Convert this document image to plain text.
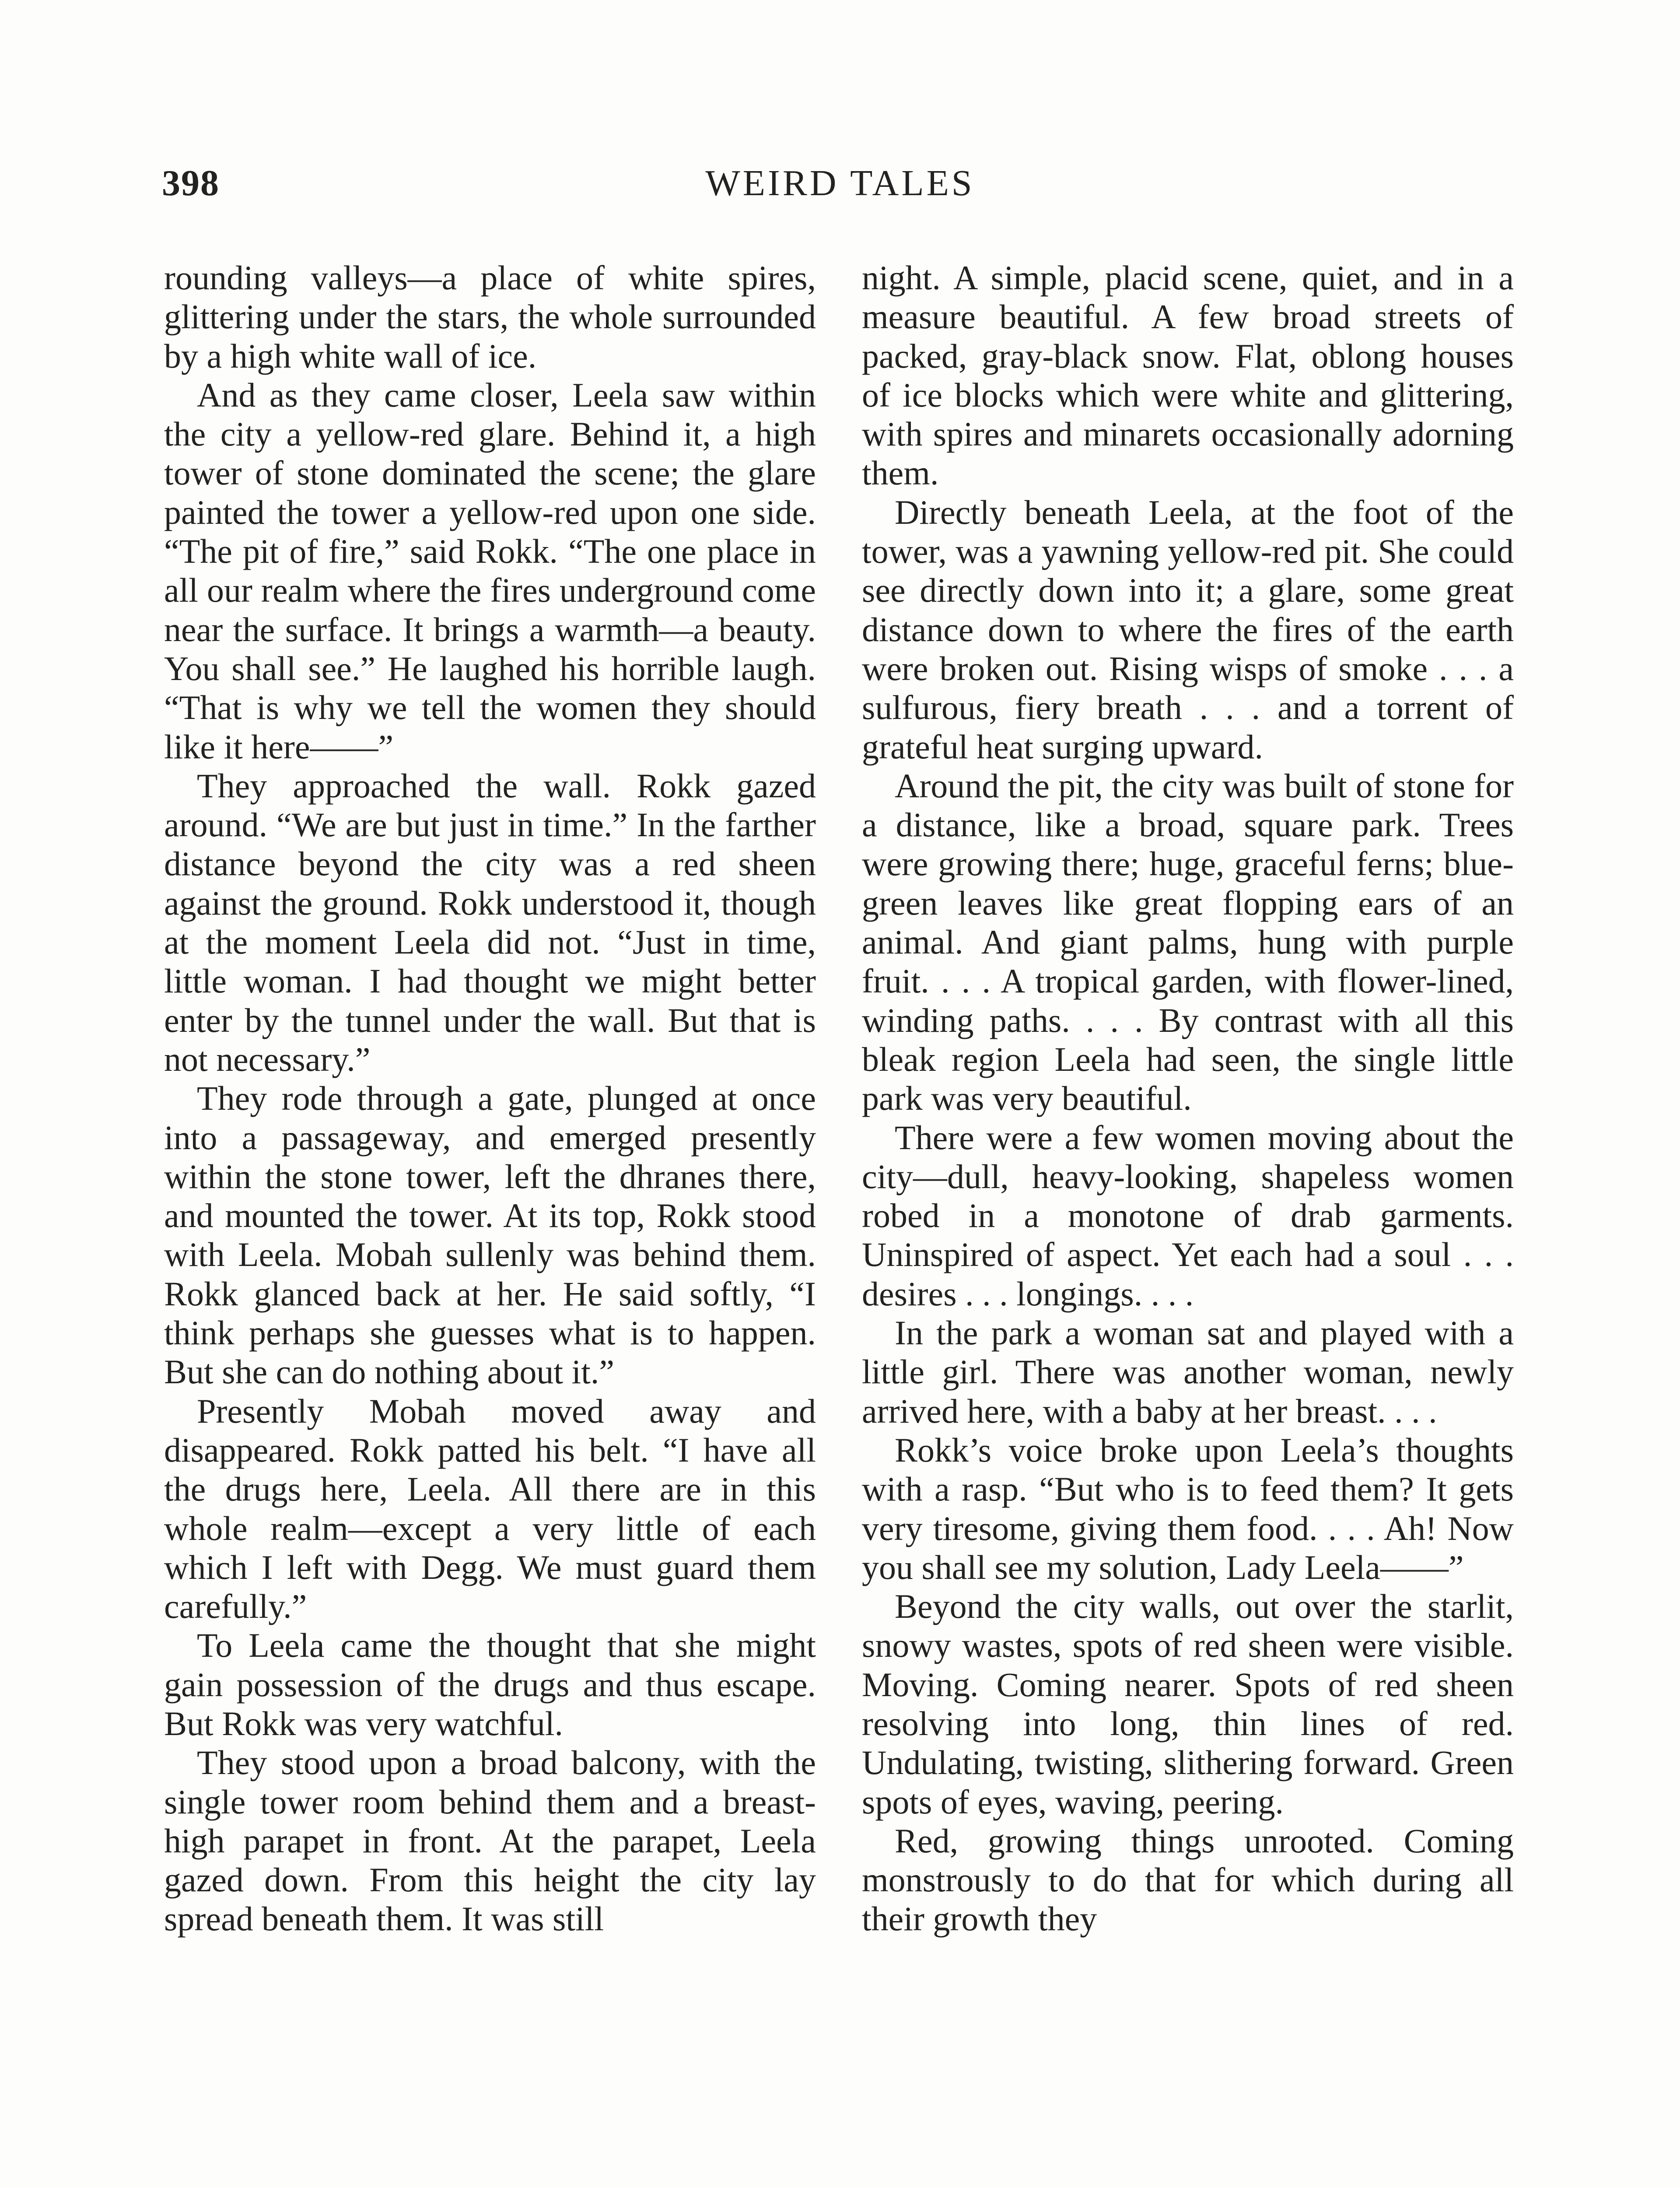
398	WEIRD TALES

rounding valleys—a place of white spires, glittering under the stars, the whole surrounded by a high white wall of ice.

And as they came closer, Leela saw within the city a yellow-red glare. Behind it, a high tower of stone dominated the scene; the glare painted the tower a yellow-red upon one side. “The pit of fire,” said Rokk. “The one place in all our realm where the fires underground come near the surface. It brings a warmth—a beauty. You shall see.” He laughed his horrible laugh. “That is why we tell the women they should like it here——”

They approached the wall. Rokk gazed around. “We are but just in time.” In the farther distance beyond the city was a red sheen against the ground. Rokk understood it, though at the moment Leela did not. “Just in time, little woman. I had thought we might better enter by the tunnel under the wall. But that is not necessary.”

They rode through a gate, plunged at once into a passageway, and emerged presently within the stone tower, left the dhranes there, and mounted the tower. At its top, Rokk stood with Leela. Mobah sullenly was behind them. Rokk glanced back at her. He said softly, “I think perhaps she guesses what is to happen. But she can do nothing about it.”

Presently Mobah moved away and disappeared. Rokk patted his belt. “I have all the drugs here, Leela. All there are in this whole realm—except a very little of each which I left with Degg. We must guard them carefully.”

To Leela came the thought that she might gain possession of the drugs and thus escape. But Rokk was very watchful.

They stood upon a broad balcony, with the single tower room behind them and a breast-high parapet in front. At the parapet, Leela gazed down. From this height the city lay spread beneath them. It was still

night. A simple, placid scene, quiet, and in a measure beautiful. A few broad streets of packed, gray-black snow. Flat, oblong houses of ice blocks which were white and glittering, with spires and minarets occasionally adorning them.

Directly beneath Leela, at the foot of the tower, was a yawning yellow-red pit. She could see directly down into it; a glare, some great distance down to where the fires of the earth were broken out. Rising wisps of smoke . . . a sulfurous, fiery breath . . . and a torrent of grateful heat surging upward.

Around the pit, the city was built of stone for a distance, like a broad, square park. Trees were growing there; huge, graceful ferns; blue-green leaves like great flopping ears of an animal. And giant palms, hung with purple fruit. . . . A tropical garden, with flower-lined, winding paths. . . . By contrast with all this bleak region Leela had seen, the single little park was very beautiful.

There were a few women moving about the city—dull, heavy-looking, shapeless women robed in a monotone of drab garments. Uninspired of aspect. Yet each had a soul . . . desires . . . longings. . . .

In the park a woman sat and played with a little girl. There was another woman, newly arrived here, with a baby at her breast. . . .

Rokk’s voice broke upon Leela’s thoughts with a rasp. “But who is to feed them? It gets very tiresome, giving them food. . . . Ah! Now you shall see my solution, Lady Leela——”

Beyond the city walls, out over the starlit, snowy wastes, spots of red sheen were visible. Moving. Coming nearer. Spots of red sheen resolving into long, thin lines of red. Undulating, twisting, slithering forward. Green spots of eyes, waving, peering.

Red, growing things unrooted. Coming monstrously to do that for which during all their growth they
